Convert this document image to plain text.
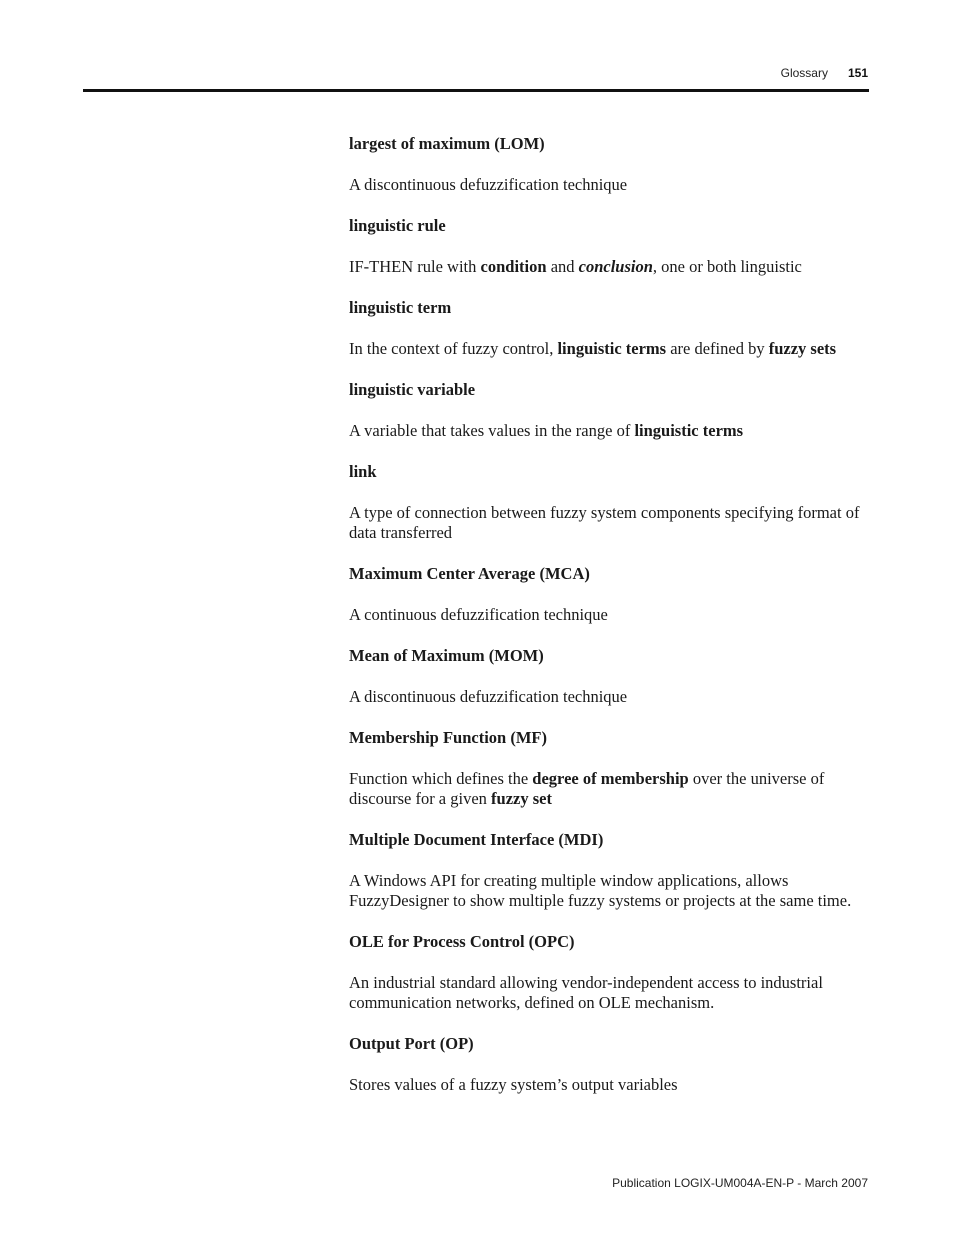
Glossary 151

largest of maximum (LOM)

A discontinuous defuzzification technique

linguistic rule

IF-THEN rule with condition and conclusion, one or both linguistic

linguistic term

In the context of fuzzy control, linguistic terms are defined by fuzzy sets

linguistic variable

A variable that takes values in the range of linguistic terms

link

A type of connection between fuzzy system components specifying format of data transferred

Maximum Center Average (MCA)

A continuous defuzzification technique

Mean of Maximum (MOM)

A discontinuous defuzzification technique

Membership Function (MF)

Function which defines the degree of membership over the universe of discourse for a given fuzzy set

Multiple Document Interface (MDI)

A Windows API for creating multiple window applications, allows FuzzyDesigner to show multiple fuzzy systems or projects at the same time.

OLE for Process Control (OPC)

An industrial standard allowing vendor-independent access to industrial communication networks, defined on OLE mechanism.

Output Port (OP)

Stores values of a fuzzy system’s output variables

Publication LOGIX-UM004A-EN-P - March 2007
